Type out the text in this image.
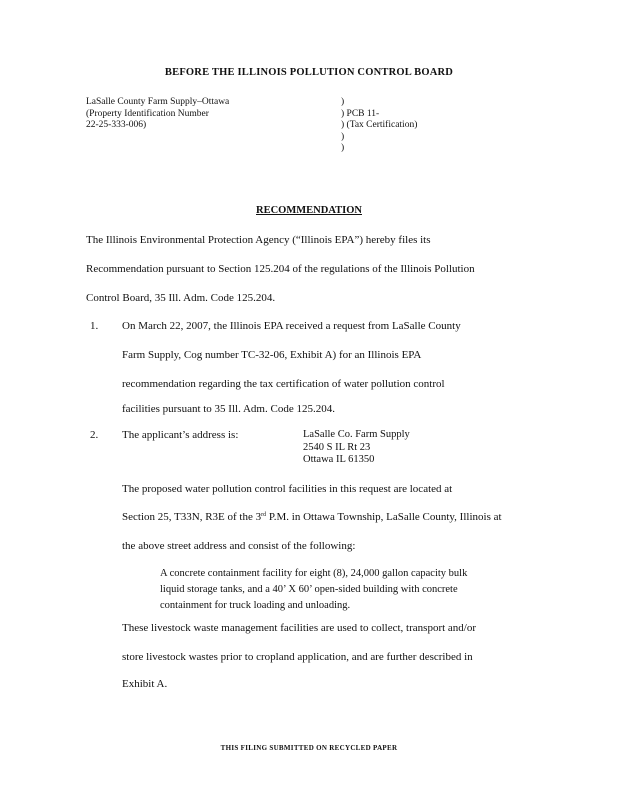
BEFORE THE ILLINOIS POLLUTION CONTROL BOARD
LaSalle County Farm Supply–Ottawa
(Property Identification Number
22-25-333-006)
)
) PCB 11-
) (Tax Certification)
)
)
RECOMMENDATION
The Illinois Environmental Protection Agency (“Illinois EPA”) hereby files its
Recommendation pursuant to Section 125.204 of the regulations of the Illinois Pollution
Control Board, 35 Ill. Adm. Code 125.204.
1. On March 22, 2007, the Illinois EPA received a request from LaSalle County
Farm Supply, Cog number TC-32-06, Exhibit A) for an Illinois EPA
recommendation regarding the tax certification of water pollution control
facilities pursuant to 35 Ill. Adm. Code 125.204.
2. The applicant’s address is:	LaSalle Co. Farm Supply
2540 S IL Rt 23
Ottawa IL 61350
The proposed water pollution control facilities in this request are located at
Section 25, T33N, R3E of the 3rd P.M. in Ottawa Township, LaSalle County, Illinois at
the above street address and consist of the following:
A concrete containment facility for eight (8), 24,000 gallon capacity bulk
liquid storage tanks, and a 40’ X 60’ open-sided building with concrete
containment for truck loading and unloading.
These livestock waste management facilities are used to collect, transport and/or
store livestock wastes prior to cropland application, and are further described in
Exhibit A.
THIS FILING SUBMITTED ON RECYCLED PAPER
